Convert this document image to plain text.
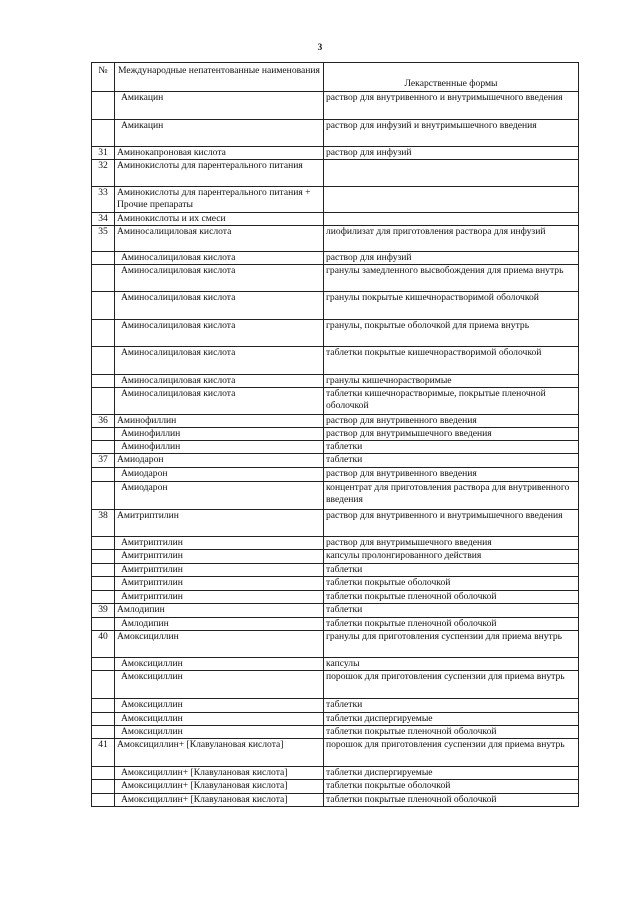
3
№	Международные непатентованные наименования	Лекарственные формы
	Амикацин	раствор для внутривенного и внутримышечного введения
	Амикацин	раствор для инфузий и внутримышечного введения
31	Аминокапроновая кислота	раствор для инфузий
32	Аминокислоты для парентерального питания	
33	Аминокислоты для парентерального питания + Прочие препараты	
34	Аминокислоты и их смеси	
35	Аминосалициловая кислота	лиофилизат для приготовления раствора для инфузий
	Аминосалициловая кислота	раствор для инфузий
	Аминосалициловая кислота	гранулы замедленного высвобождения для приема внутрь
	Аминосалициловая кислота	гранулы покрытые кишечнорастворимой оболочкой
	Аминосалициловая кислота	гранулы, покрытые оболочкой для приема внутрь
	Аминосалициловая кислота	таблетки покрытые кишечнорастворимой оболочкой
	Аминосалициловая кислота	гранулы кишечнорастворимые
	Аминосалициловая кислота	таблетки кишечнорастворимые, покрытые пленочной оболочкой
36	Аминофиллин	раствор для внутривенного введения
	Аминофиллин	раствор для внутримышечного введения
	Аминофиллин	таблетки
37	Амиодарон	таблетки
	Амиодарон	раствор для внутривенного введения
	Амиодарон	концентрат для приготовления раствора для внутривенного введения
38	Амитриптилин	раствор для внутривенного и внутримышечного введения
	Амитриптилин	раствор для внутримышечного введения
	Амитриптилин	капсулы пролонгированного действия
	Амитриптилин	таблетки
	Амитриптилин	таблетки покрытые оболочкой
	Амитриптилин	таблетки покрытые пленочной оболочкой
39	Амлодипин	таблетки
	Амлодипин	таблетки покрытые пленочной оболочкой
40	Амоксициллин	гранулы для приготовления суспензии для приема внутрь
	Амоксициллин	капсулы
	Амоксициллин	порошок для приготовления суспензии для приема внутрь
	Амоксициллин	таблетки
	Амоксициллин	таблетки диспергируемые
	Амоксициллин	таблетки покрытые пленочной оболочкой
41	Амоксициллин+ [Клавулановая кислота]	порошок для приготовления суспензии для приема внутрь
	Амоксициллин+ [Клавулановая кислота]	таблетки диспергируемые
	Амоксициллин+ [Клавулановая кислота]	таблетки покрытые оболочкой
	Амоксициллин+ [Клавулановая кислота]	таблетки покрытые пленочной оболочкой
